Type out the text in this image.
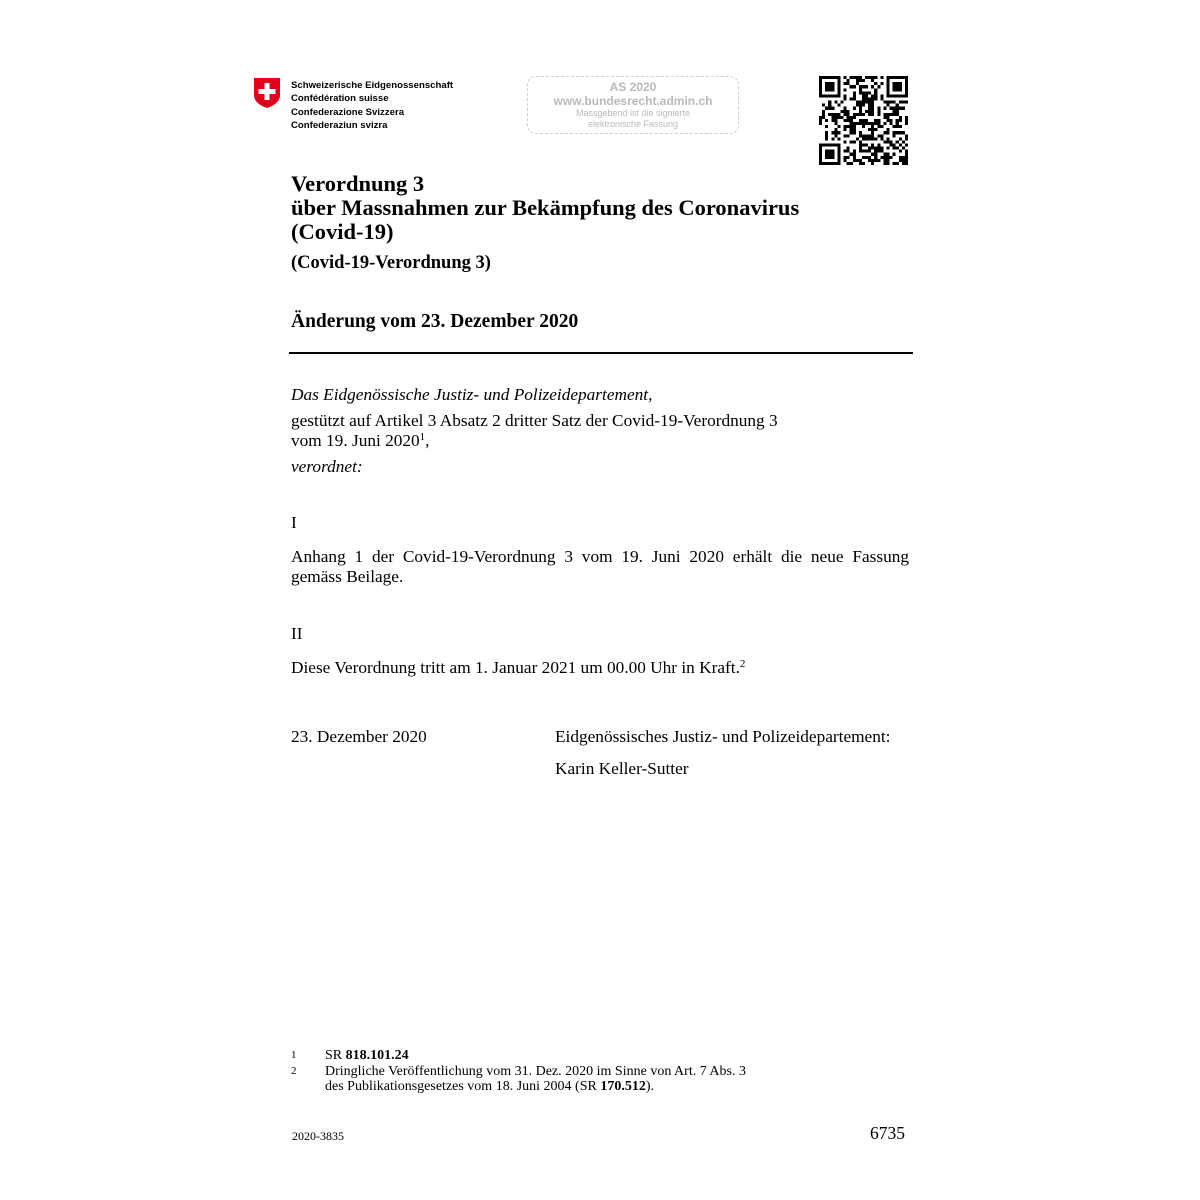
Schweizerische Eidgenossenschaft
Confédération suisse
Confederazione Svizzera
Confederaziun svizra
AS 2020
www.bundesrecht.admin.ch
Massgebend ist die signierte
elektronische Fassung
Verordnung 3
über Massnahmen zur Bekämpfung des Coronavirus
(Covid-19)
(Covid-19-Verordnung 3)
Änderung vom 23. Dezember 2020
Das Eidgenössische Justiz- und Polizeidepartement,
gestützt auf Artikel 3 Absatz 2 dritter Satz der Covid-19-Verordnung 3
vom 19. Juni 2020$^1$,
verordnet:
I
Anhang 1 der Covid-19-Verordnung 3 vom 19. Juni 2020 erhält die neue Fassung gemäss Beilage.
II
Diese Verordnung tritt am 1. Januar 2021 um 00.00 Uhr in Kraft.$^2$
23. Dezember 2020	Eidgenössisches Justiz- und Polizeidepartement:
Karin Keller-Sutter
1 SR 818.101.24
2 Dringliche Veröffentlichung vom 31. Dez. 2020 im Sinne von Art. 7 Abs. 3
des Publikationsgesetzes vom 18. Juni 2004 (SR 170.512).
2020-3835	6735
